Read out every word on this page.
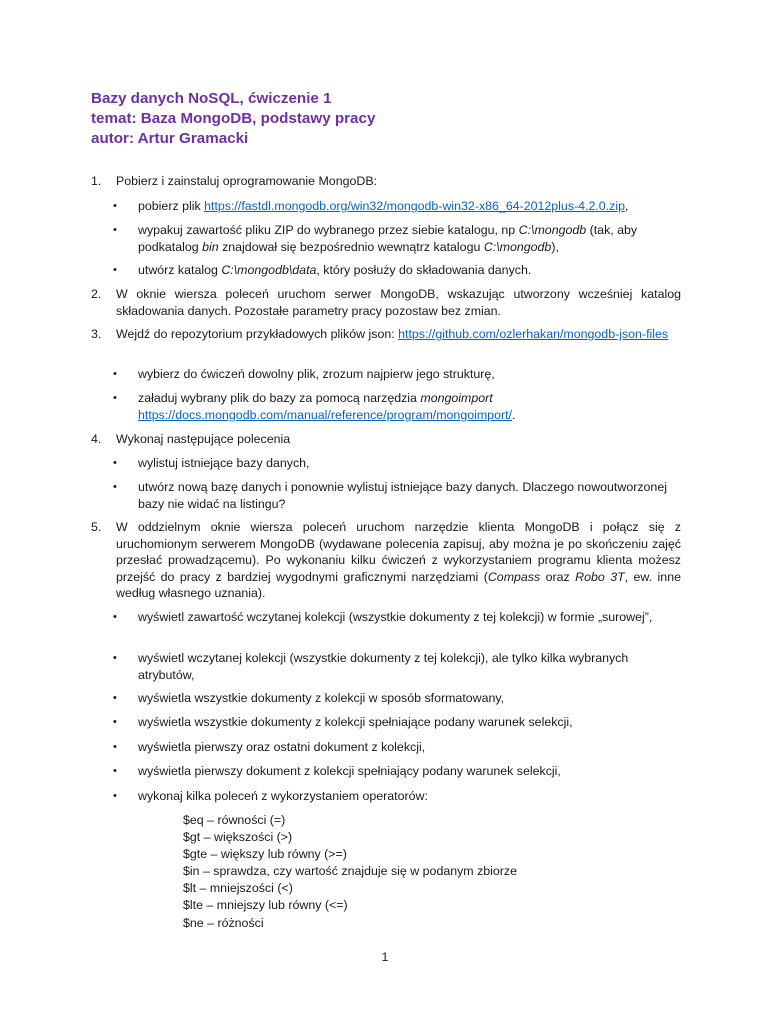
Bazy danych NoSQL, ćwiczenie 1
temat: Baza MongoDB, podstawy pracy
autor: Artur Gramacki
1.	Pobierz i zainstaluj oprogramowanie MongoDB:
•	pobierz plik https://fastdl.mongodb.org/win32/mongodb-win32-x86_64-2012plus-4.2.0.zip,
•	wypakuj zawartość pliku ZIP do wybranego przez siebie katalogu, np C:\mongodb (tak, aby podkatalog bin znajdował się bezpośrednio wewnątrz katalogu C:\mongodb),
•	utwórz katalog C:\mongodb\data, który posłuży do składowania danych.
2.	W oknie wiersza poleceń uruchom serwer MongoDB, wskazując utworzony wcześniej katalog składowania danych. Pozostałe parametry pracy pozostaw bez zmian.
3.	Wejdź do repozytorium przykładowych plików json: https://github.com/ozlerhakan/mongodb-json-files
•	wybierz do ćwiczeń dowolny plik, zrozum najpierw jego strukturę,
•	załaduj wybrany plik do bazy za pomocą narzędzia mongoimport
https://docs.mongodb.com/manual/reference/program/mongoimport/.
4.	Wykonaj następujące polecenia
•	wylistuj istniejące bazy danych,
•	utwórz nową bazę danych i ponownie wylistuj istniejące bazy danych. Dlaczego nowoutworzonej bazy nie widać na listingu?
5.	W oddzielnym oknie wiersza poleceń uruchom narzędzie klienta MongoDB i połącz się z uruchomionym serwerem MongoDB (wydawane polecenia zapisuj, aby można je po skończeniu zajęć przesłać prowadzącemu). Po wykonaniu kilku ćwiczeń z wykorzystaniem programu klienta możesz przejść do pracy z bardziej wygodnymi graficznymi narzędziami (Compass oraz Robo 3T, ew. inne według własnego uznania).
•	wyświetl zawartość wczytanej kolekcji (wszystkie dokumenty z tej kolekcji) w formie „surowej”,
•	wyświetl wczytanej kolekcji (wszystkie dokumenty z tej kolekcji), ale tylko kilka wybranych atrybutów,
•	wyświetla wszystkie dokumenty z kolekcji w sposób sformatowany,
•	wyświetla wszystkie dokumenty z kolekcji spełniające podany warunek selekcji,
•	wyświetla pierwszy oraz ostatni dokument z kolekcji,
•	wyświetla pierwszy dokument z kolekcji spełniający podany warunek selekcji,
•	wykonaj kilka poleceń z wykorzystaniem operatorów:
$eq – równości (=)
$gt – większości (>)
$gte – większy lub równy (>=)
$in – sprawdza, czy wartość znajduje się w podanym zbiorze
$lt – mniejszości (<)
$lte – mniejszy lub równy (<=)
$ne – różności
1
